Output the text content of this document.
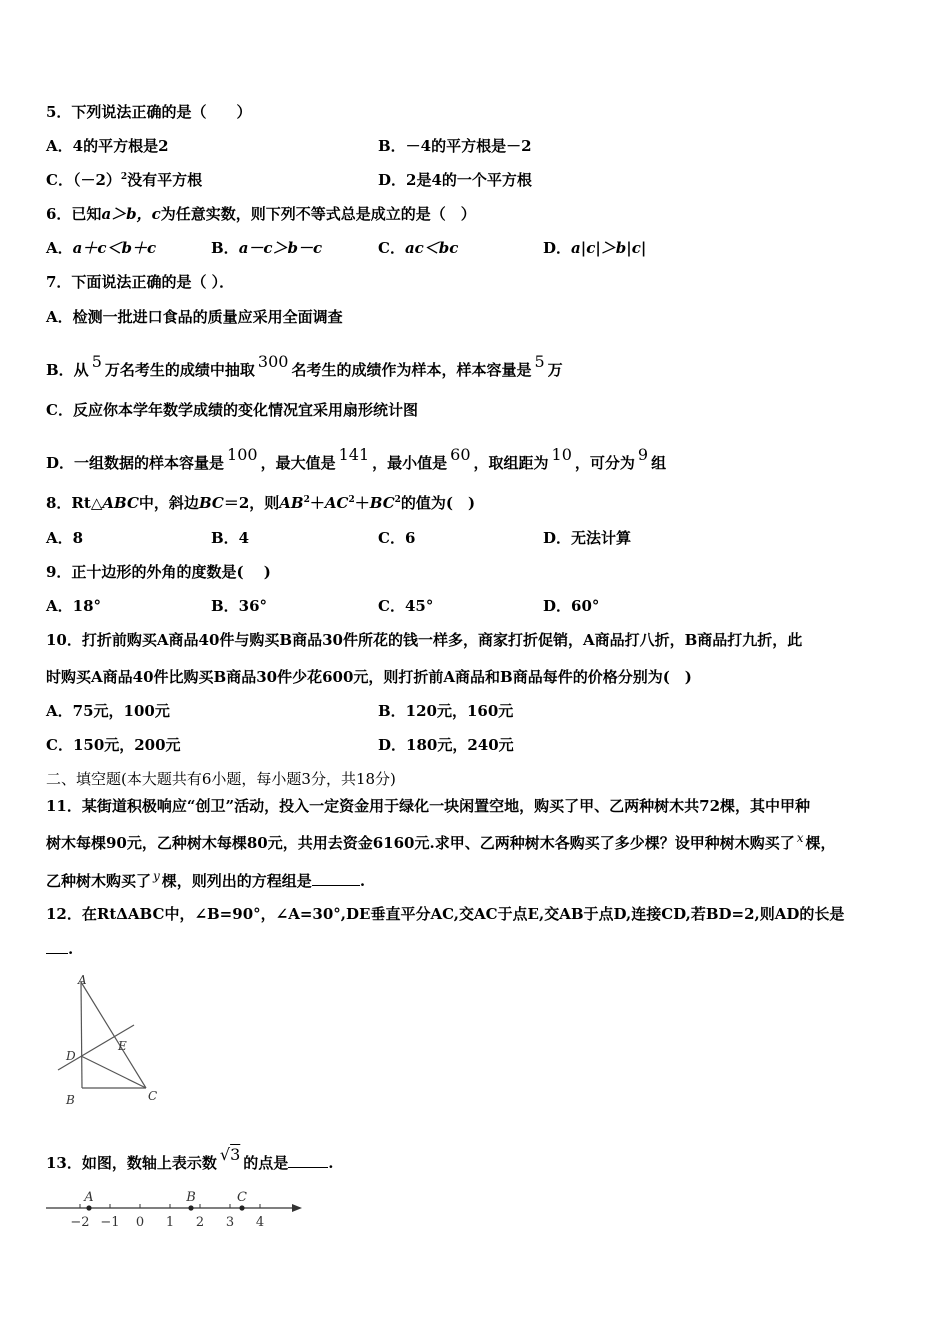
5．下列说法正确的是（　　）
A．4的平方根是2	B．－4的平方根是－2
C．$(-2)^2$没有平方根	D．2是4的一个平方根
6．已知a＞b，c为任意实数，则下列不等式总是成立的是（　）
A．a＋c＜b＋c	B．a－c＞b－c	C．ac＜bc	D．a|c|＞b|c|
7．下面说法正确的是（ ）．
A．检测一批进口食品的质量应采用全面调查
B．从 5 万名考生的成绩中抽取 300 名考生的成绩作为样本，样本容量是 5 万
C．反应你本学年数学成绩的变化情况宜采用扇形统计图
D．一组数据的样本容量是 100 ，最大值是 141 ，最小值是 60 ，取组距为 10 ，可分为 9 组
8．Rt△ABC中，斜边BC＝2，则$AB^2+AC^2+BC^2$的值为(　)
A．8	B．4	C．6	D．无法计算
9．正十边形的外角的度数是(　 )
A．18°	B．36°	C．45°	D．60°
10．打折前购买A商品40件与购买B商品30件所花的钱一样多，商家打折促销，A商品打八折，B商品打九折，此
时购买A商品40件比购买B商品30件少花600元，则打折前A商品和B商品每件的价格分别为(　)
A．75元，100元	B．120元，160元
C．150元，200元	D．180元，240元
二、填空题(本大题共有6小题，每小题3分，共18分)
11．某街道积极响应“创卫”活动，投入一定资金用于绿化一块闲置空地，购买了甲、乙两种树木共72棵，其中甲种
树木每棵90元，乙种树木每棵80元，共用去资金6160元.求甲、乙两种树木各购买了多少棵？设甲种树木购买了 $^x$ 棵，
乙种树木购买了 $^y$ 棵，则列出的方程组是	.
12．在RtΔABC中，∠B=90°，∠A=30°,DE垂直平分AC,交AC于点E,交AB于点D,连接CD,若BD=2,则AD的长是
.
A
B	C
D
E
13．如图，数轴上表示数 √3 的点是	.
−2 −1 0 1 2 3 4
A	B	C
